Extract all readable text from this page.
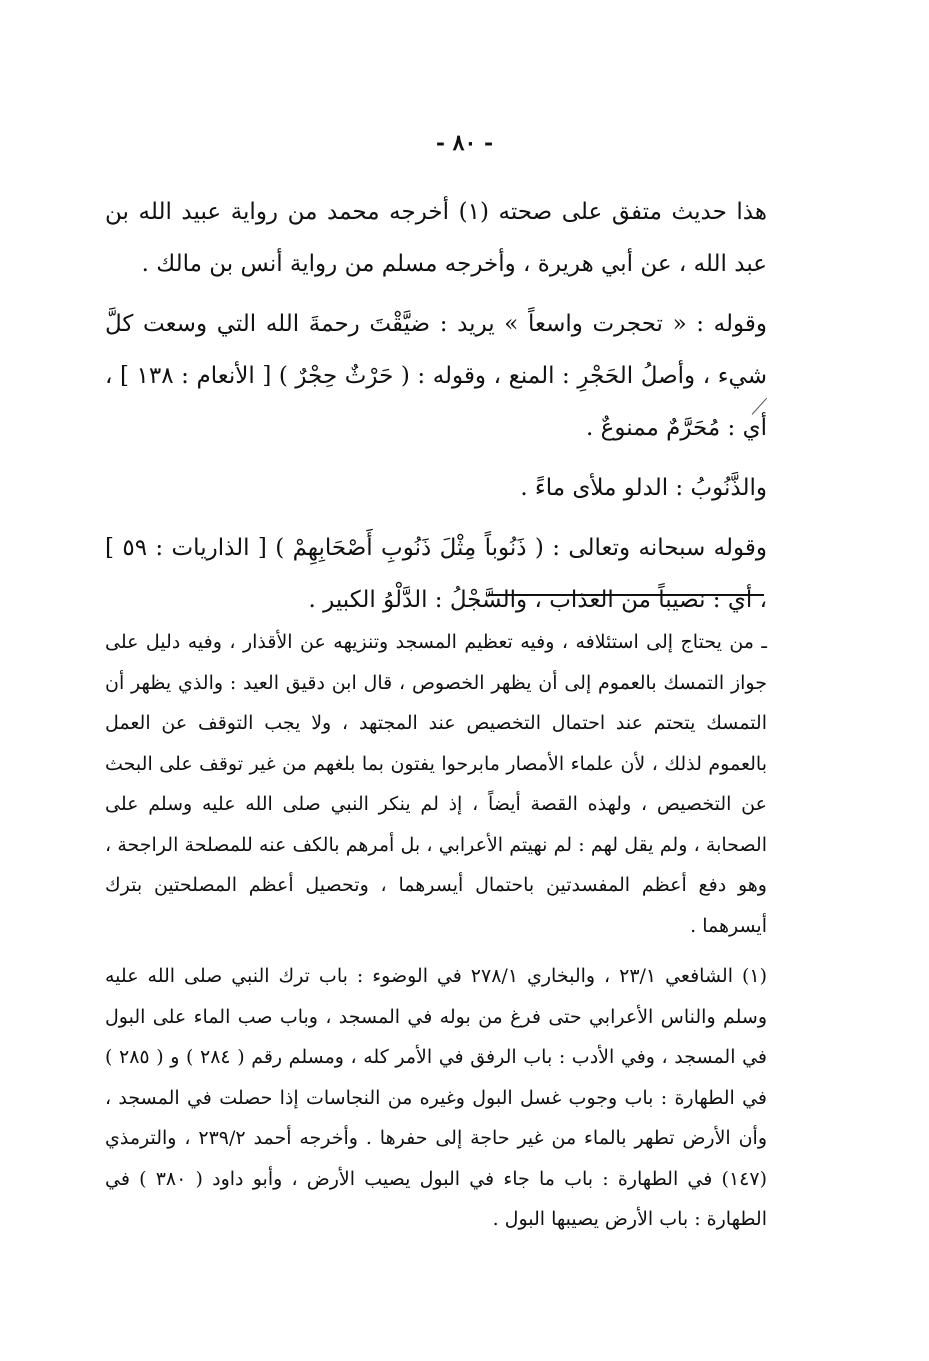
- ٨٠ -

هذا حديث متفق على صحته (١) أخرجه محمد من رواية عبيد الله بن عبد الله ، عن أبي هريرة ، وأخرجه مسلم من رواية أنس بن مالك .

وقوله : « تحجرت واسعاً » يريد : ضيَّقْتَ رحمةَ الله التي وسعت كلَّ شيء ، وأصلُ الحَجْرِ : المنع ، وقوله : ( حَرْثٌ حِجْرٌ ) [ الأنعام : ١٣٨ ] ، أي : مُحَرَّمٌ ممنوعٌ .

والذَّنُوبُ : الدلو ملأى ماءً .

وقوله سبحانه وتعالى : ( ذَنُوباً مِثْلَ ذَنُوبِ أَصْحَابِهِمْ ) [ الذاريات : ٥٩ ] ، أي : نصيباً من العذاب ، والسَّجْلُ : الدَّلْوُ الكبير .

ـ من يحتاج إلى استئلافه ، وفيه تعظيم المسجد وتنزيهه عن الأقذار ، وفيه دليل على جواز التمسك بالعموم إلى أن يظهر الخصوص ، قال ابن دقيق العيد : والذي يظهر أن التمسك يتحتم عند احتمال التخصيص عند المجتهد ، ولا يجب التوقف عن العمل بالعموم لذلك ، لأن علماء الأمصار مابرحوا يفتون بما بلغهم من غير توقف على البحث عن التخصيص ، ولهذه القصة أيضاً ، إذ لم ينكر النبي صلى الله عليه وسلم على الصحابة ، ولم يقل لهم : لم نهيتم الأعرابي ، بل أمرهم بالكف عنه للمصلحة الراجحة ، وهو دفع أعظم المفسدتين باحتمال أيسرهما ، وتحصيل أعظم المصلحتين بترك أيسرهما .

(١) الشافعي ٢٣/١ ، والبخاري ٢٧٨/١ في الوضوء : باب ترك النبي صلى الله عليه وسلم والناس الأعرابي حتى فرغ من بوله في المسجد ، وباب صب الماء على البول في المسجد ، وفي الأدب : باب الرفق في الأمر كله ، ومسلم رقم ( ٢٨٤ ) و ( ٢٨٥ ) في الطهارة : باب وجوب غسل البول وغيره من النجاسات إذا حصلت في المسجد ، وأن الأرض تطهر بالماء من غير حاجة إلى حفرها . وأخرجه أحمد ٢٣٩/٢ ، والترمذي (١٤٧) في الطهارة : باب ما جاء في البول يصيب الأرض ، وأبو داود ( ٣٨٠ ) في الطهارة : باب الأرض يصيبها البول .
